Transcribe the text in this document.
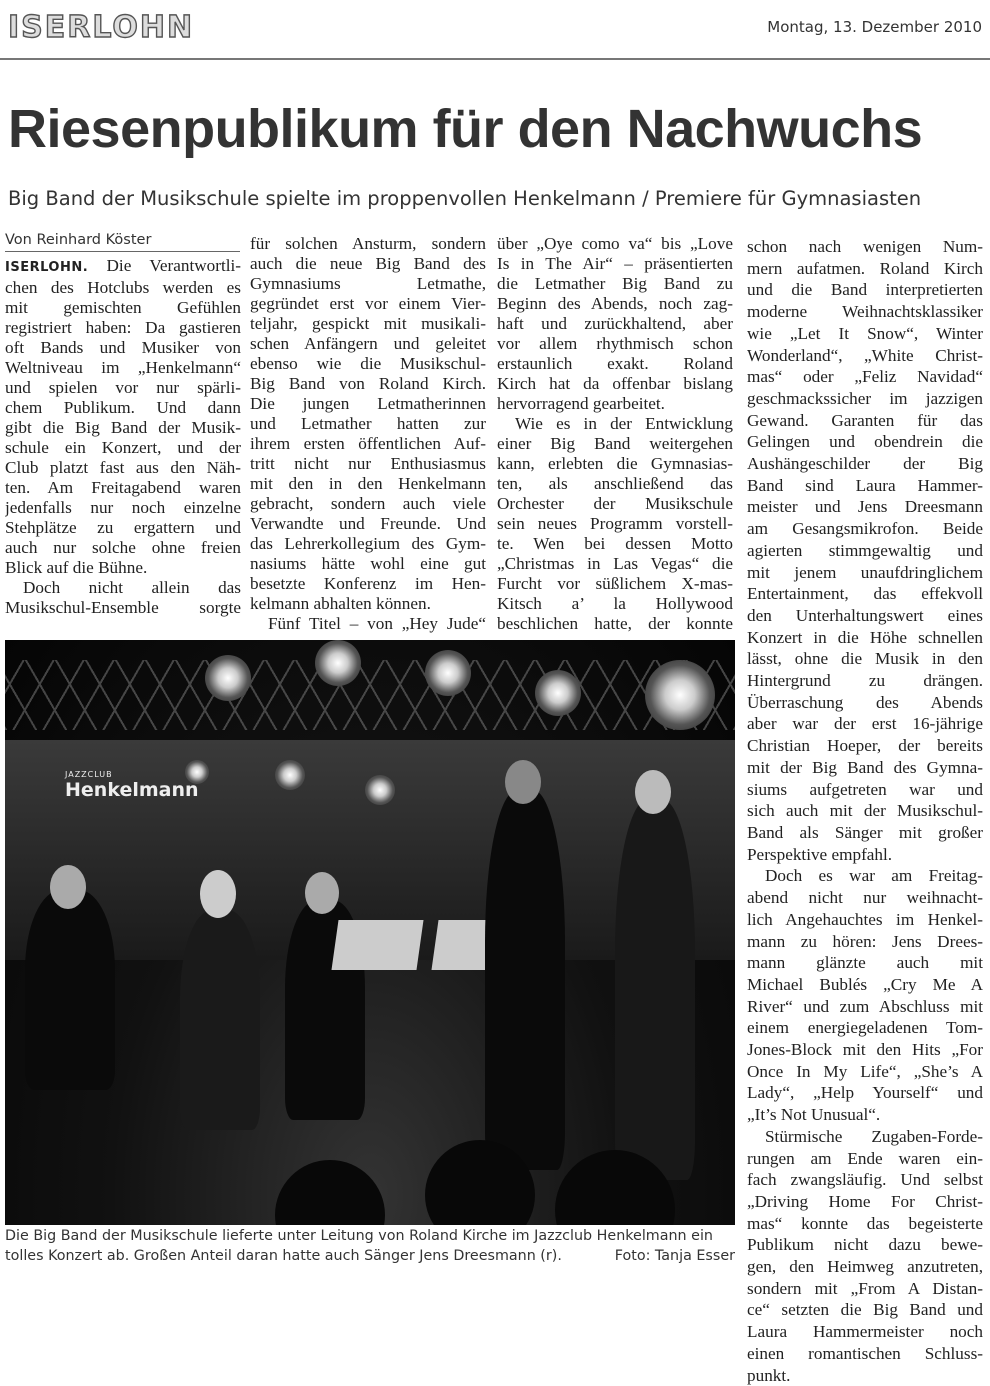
ISERLOHN	Montag, 13. Dezember 2010
Riesenpublikum für den Nachwuchs
Big Band der Musikschule spielte im proppenvollen Henkelmann / Premiere für Gymnasiasten
Von Reinhard Köster
ISERLOHN. Die Verantwortli-
chen des Hotclubs werden es
mit gemischten Gefühlen
registriert haben: Da gastieren
oft Bands und Musiker von
Weltniveau im „Henkelmann“
und spielen vor nur spärli-
chem Publikum. Und dann
gibt die Big Band der Musik-
schule ein Konzert, und der
Club platzt fast aus den Näh-
ten. Am Freitagabend waren
jedenfalls nur noch einzelne
Stehplätze zu ergattern und
auch nur solche ohne freien
Blick auf die Bühne.
Doch nicht allein das
Musikschul-Ensemble sorgte
für solchen Ansturm, sondern
auch die neue Big Band des
Gymnasiums Letmathe,
gegründet erst vor einem Vier-
teljahr, gespickt mit musikali-
schen Anfängern und geleitet
ebenso wie die Musikschul-
Big Band von Roland Kirch.
Die jungen Letmatherinnen
und Letmather hatten zur
ihrem ersten öffentlichen Auf-
tritt nicht nur Enthusiasmus
mit den in den Henkelmann
gebracht, sondern auch viele
Verwandte und Freunde. Und
das Lehrerkollegium des Gym-
nasiums hätte wohl eine gut
besetzte Konferenz im Hen-
kelmann abhalten können.
Fünf Titel – von „Hey Jude“
über „Oye como va“ bis „Love
Is in The Air“ – präsentierten
die Letmather Big Band zu
Beginn des Abends, noch zag-
haft und zurückhaltend, aber
vor allem rhythmisch schon
erstaunlich exakt. Roland
Kirch hat da offenbar bislang
hervorragend gearbeitet.
Wie es in der Entwicklung
einer Big Band weitergehen
kann, erlebten die Gymnasias-
ten, als anschließend das
Orchester der Musikschule
sein neues Programm vorstell-
te. Wen bei dessen Motto
„Christmas in Las Vegas“ die
Furcht vor süßlichem X-mas-
Kitsch a’ la Hollywood
beschlichen hatte, der konnte
schon nach wenigen Num-
mern aufatmen. Roland Kirch
und die Band interpretierten
moderne Weihnachtsklassiker
wie „Let It Snow“, Winter
Wonderland“, „White Christ-
mas“ oder „Feliz Navidad“
geschmackssicher im jazzigen
Gewand. Garanten für das
Gelingen und obendrein die
Aushängeschilder der Big
Band sind Laura Hammer-
meister und Jens Dreesmann
am Gesangsmikrofon. Beide
agierten stimmgewaltig und
mit jenem unaufdringlichem
Entertainment, das effekvoll
den Unterhaltungswert eines
Konzert in die Höhe schnellen
lässt, ohne die Musik in den
Hintergrund zu drängen.
Überraschung des Abends
aber war der erst 16-jährige
Christian Hoeper, der bereits
mit der Big Band des Gymna-
siums aufgetreten war und
sich auch mit der Musikschul-
Band als Sänger mit großer
Perspektive empfahl.
Doch es war am Freitag-
abend nicht nur weihnacht-
lich Angehauchtes im Henkel-
mann zu hören: Jens Drees-
mann glänzte auch mit
Michael Bublés „Cry Me A
River“ und zum Abschluss mit
einem energiegeladenen Tom-
Jones-Block mit den Hits „For
Once In My Life“, „She’s A
Lady“, „Help Yourself“ und
„It’s Not Unusual“.
Stürmische Zugaben-Forde-
rungen am Ende waren ein-
fach zwangsläufig. Und selbst
„Driving Home For Christ-
mas“ konnte das begeisterte
Publikum nicht dazu bewe-
gen, den Heimweg anzutreten,
sondern mit „From A Distan-
ce“ setzten die Big Band und
Laura Hammermeister noch
einen romantischen Schluss-
punkt.
JAZZCLUB
Henkelmann
Die Big Band der Musikschule lieferte unter Leitung von Roland Kirche im Jazzclub Henkelmann ein tolles Konzert ab. Großen Anteil daran hatte auch Sänger Jens Dreesmann (r).	Foto: Tanja Esser
